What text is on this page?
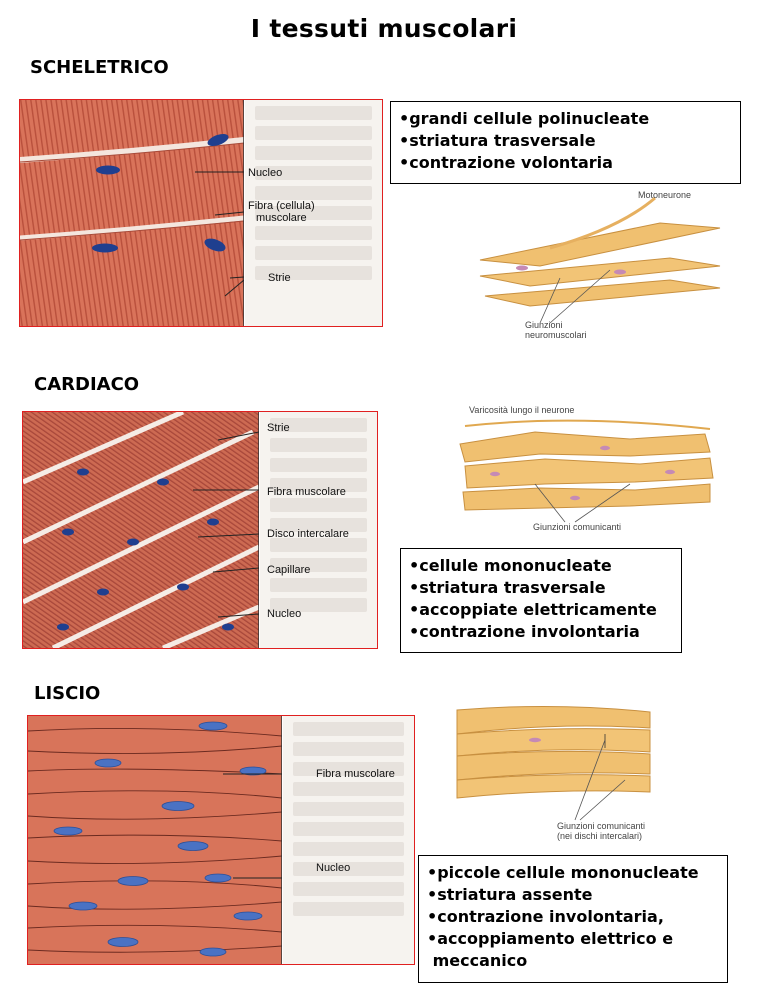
I tessuti muscolari
SCHELETRICO
Nucleo
Fibra (cellula)
muscolare
Strie
•grandi cellule polinucleate
•striatura trasversale
•contrazione volontaria
Motoneurone
Giunzioni
neuromuscolari
CARDIACO
Strie
Fibra muscolare
Disco intercalare
Capillare
Nucleo
Varicosità lungo il neurone
Giunzioni comunicanti
•cellule mononucleate
•striatura trasversale
•accoppiate elettricamente
•contrazione involontaria
LISCIO
Fibra muscolare
Nucleo
Giunzioni comunicanti
(nei dischi intercalari)
•piccole cellule mononucleate
•striatura assente
•contrazione involontaria,
•accoppiamento elettrico e
meccanico
